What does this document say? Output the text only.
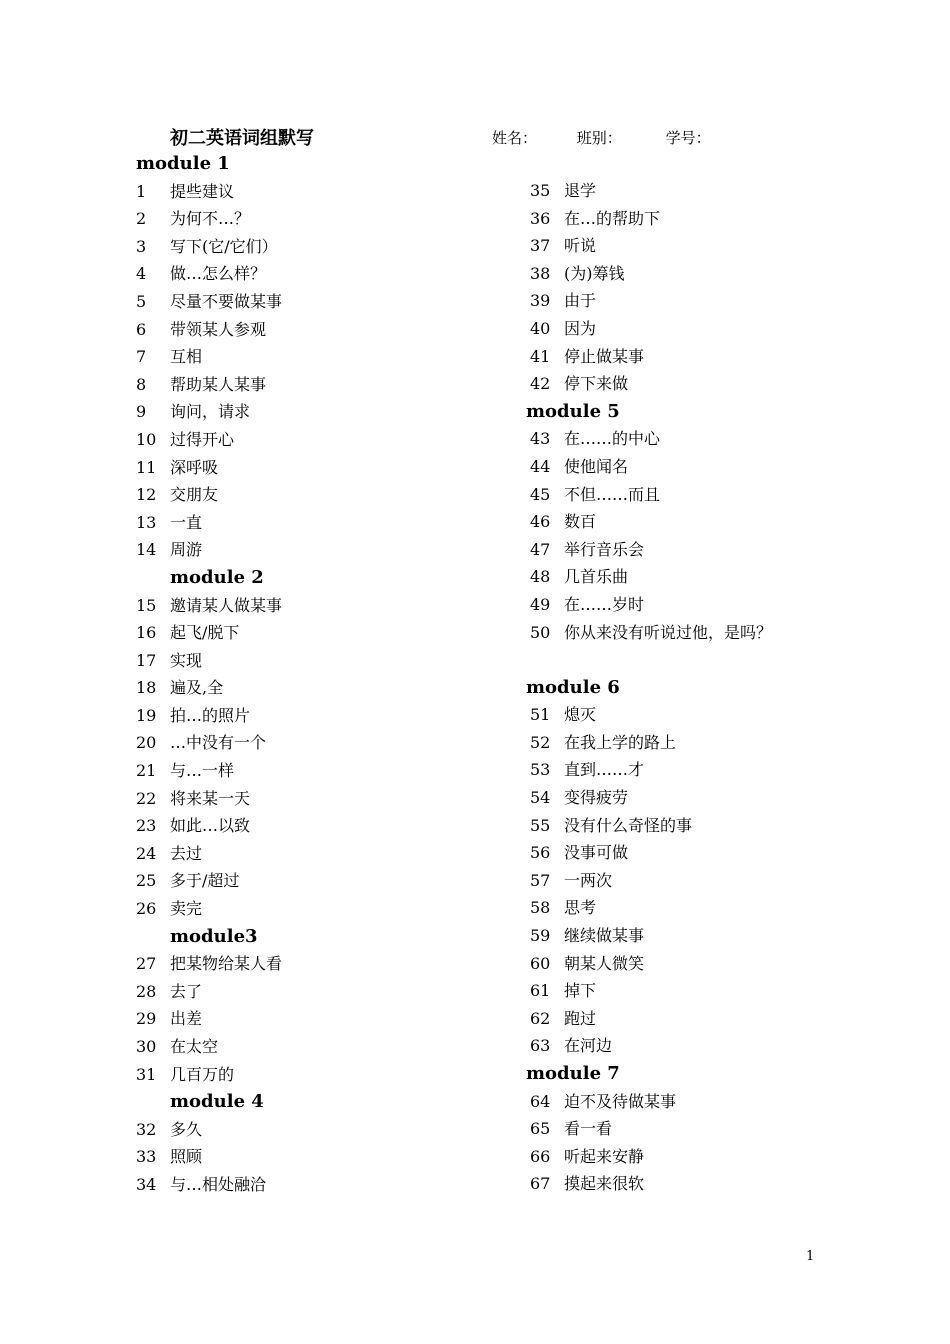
初二英语词组默写	姓名：	班别：	学号：
module 1
1 提些建议
2 为何不…？
3 写下(它/它们）
4 做…怎么样？
5 尽量不要做某事
6 带领某人参观
7 互相
8 帮助某人某事
9 询问，请求
10 过得开心
11 深呼吸
12 交朋友
13 一直
14 周游
module 2
15 邀请某人做某事
16 起飞/脱下
17 实现
18 遍及,全
19 拍…的照片
20 …中没有一个
21 与…一样
22 将来某一天
23 如此…以致
24 去过
25 多于/超过
26 卖完
module3
27 把某物给某人看
28 去了
29 出差
30 在太空
31 几百万的
module 4
32 多久
33 照顾
34 与…相处融洽
35 退学
36 在…的帮助下
37 听说
38 (为)筹钱
39 由于
40 因为
41 停止做某事
42 停下来做
module 5
43 在……的中心
44 使他闻名
45 不但……而且
46 数百
47 举行音乐会
48 几首乐曲
49 在……岁时
50 你从来没有听说过他，是吗？
module 6
51 熄灭
52 在我上学的路上
53 直到……才
54 变得疲劳
55 没有什么奇怪的事
56 没事可做
57 一两次
58 思考
59 继续做某事
60 朝某人微笑
61 掉下
62 跑过
63 在河边
module 7
64 迫不及待做某事
65 看一看
66 听起来安静
67 摸起来很软
1
